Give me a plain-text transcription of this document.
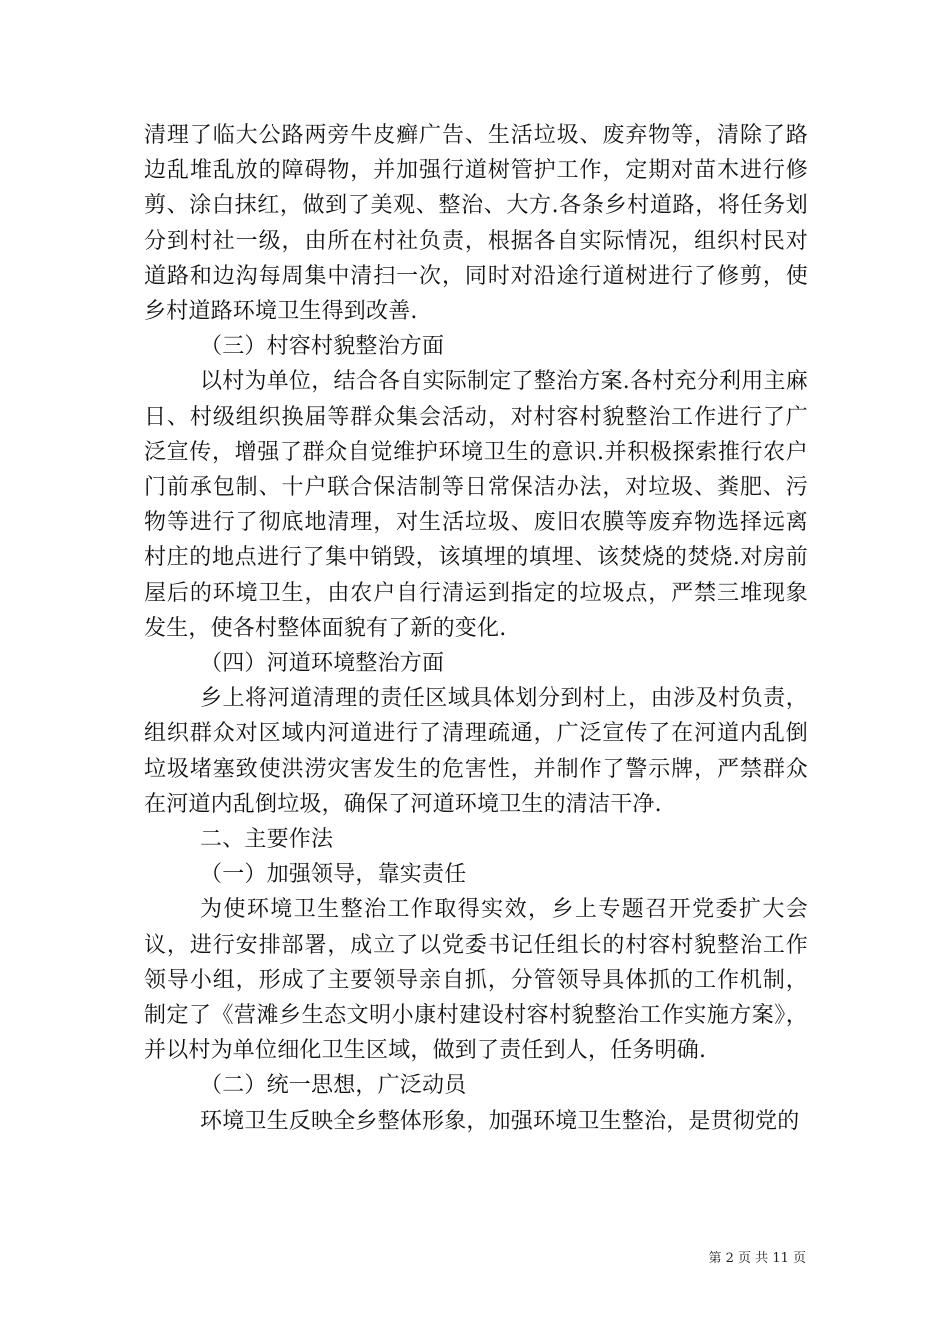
清理了临大公路两旁牛皮癣广告、生活垃圾、废弃物等，清除了路边乱堆乱放的障碍物，并加强行道树管护工作，定期对苗木进行修剪、涂白抹红，做到了美观、整治、大方.各条乡村道路，将任务划分到村社一级，由所在村社负责，根据各自实际情况，组织村民对道路和边沟每周集中清扫一次，同时对沿途行道树进行了修剪，使乡村道路环境卫生得到改善.

（三）村容村貌整治方面

以村为单位，结合各自实际制定了整治方案.各村充分利用主麻日、村级组织换届等群众集会活动，对村容村貌整治工作进行了广泛宣传，增强了群众自觉维护环境卫生的意识.并积极探索推行农户门前承包制、十户联合保洁制等日常保洁办法，对垃圾、粪肥、污物等进行了彻底地清理，对生活垃圾、废旧农膜等废弃物选择远离村庄的地点进行了集中销毁，该填埋的填埋、该焚烧的焚烧.对房前屋后的环境卫生，由农户自行清运到指定的垃圾点，严禁三堆现象发生，使各村整体面貌有了新的变化.

（四）河道环境整治方面

乡上将河道清理的责任区域具体划分到村上，由涉及村负责，组织群众对区域内河道进行了清理疏通，广泛宣传了在河道内乱倒垃圾堵塞致使洪涝灾害发生的危害性，并制作了警示牌，严禁群众在河道内乱倒垃圾，确保了河道环境卫生的清洁干净.

二、主要作法

（一）加强领导，靠实责任

为使环境卫生整治工作取得实效，乡上专题召开党委扩大会议，进行安排部署，成立了以党委书记任组长的村容村貌整治工作领导小组，形成了主要领导亲自抓，分管领导具体抓的工作机制，制定了《营滩乡生态文明小康村建设村容村貌整治工作实施方案》，并以村为单位细化卫生区域，做到了责任到人，任务明确.

（二）统一思想，广泛动员

环境卫生反映全乡整体形象，加强环境卫生整治，是贯彻党的

第 2 页 共 11 页
